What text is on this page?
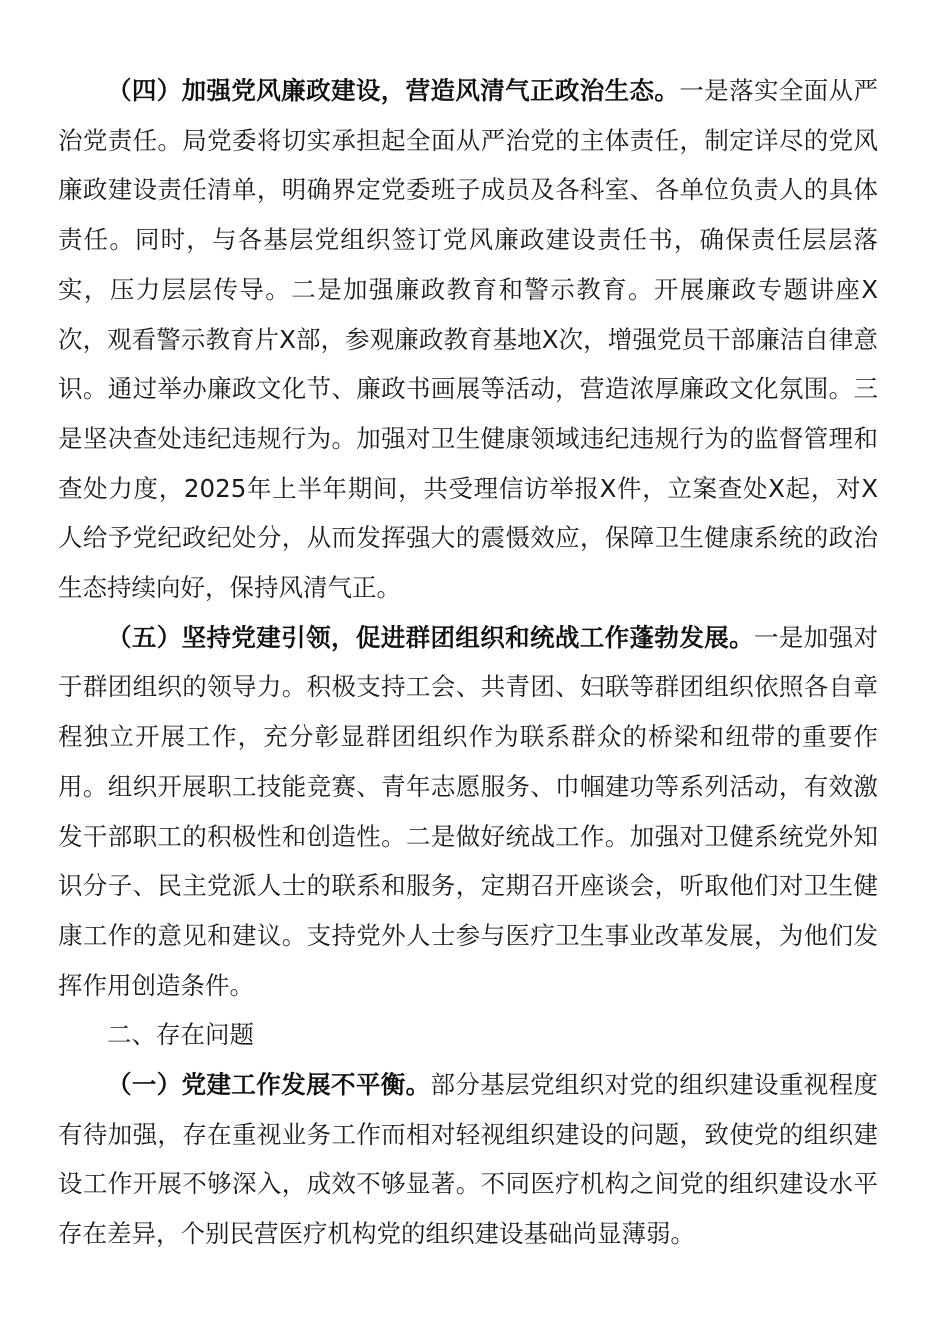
（四）加强党风廉政建设，营造风清气正政治生态。一是落实全面从严治党责任。局党委将切实承担起全面从严治党的主体责任，制定详尽的党风廉政建设责任清单，明确界定党委班子成员及各科室、各单位负责人的具体责任。同时，与各基层党组织签订党风廉政建设责任书，确保责任层层落实，压力层层传导。二是加强廉政教育和警示教育。开展廉政专题讲座X次，观看警示教育片X部，参观廉政教育基地X次，增强党员干部廉洁自律意识。通过举办廉政文化节、廉政书画展等活动，营造浓厚廉政文化氛围。三是坚决查处违纪违规行为。加强对卫生健康领域违纪违规行为的监督管理和查处力度，2025年上半年期间，共受理信访举报X件，立案查处X起，对X人给予党纪政纪处分，从而发挥强大的震慑效应，保障卫生健康系统的政治生态持续向好，保持风清气正。

（五）坚持党建引领，促进群团组织和统战工作蓬勃发展。一是加强对于群团组织的领导力。积极支持工会、共青团、妇联等群团组织依照各自章程独立开展工作，充分彰显群团组织作为联系群众的桥梁和纽带的重要作用。组织开展职工技能竞赛、青年志愿服务、巾帼建功等系列活动，有效激发干部职工的积极性和创造性。二是做好统战工作。加强对卫健系统党外知识分子、民主党派人士的联系和服务，定期召开座谈会，听取他们对卫生健康工作的意见和建议。支持党外人士参与医疗卫生事业改革发展，为他们发挥作用创造条件。

二、存在问题

（一）党建工作发展不平衡。部分基层党组织对党的组织建设重视程度有待加强，存在重视业务工作而相对轻视组织建设的问题，致使党的组织建设工作开展不够深入，成效不够显著。不同医疗机构之间党的组织建设水平存在差异，个别民营医疗机构党的组织建设基础尚显薄弱。
